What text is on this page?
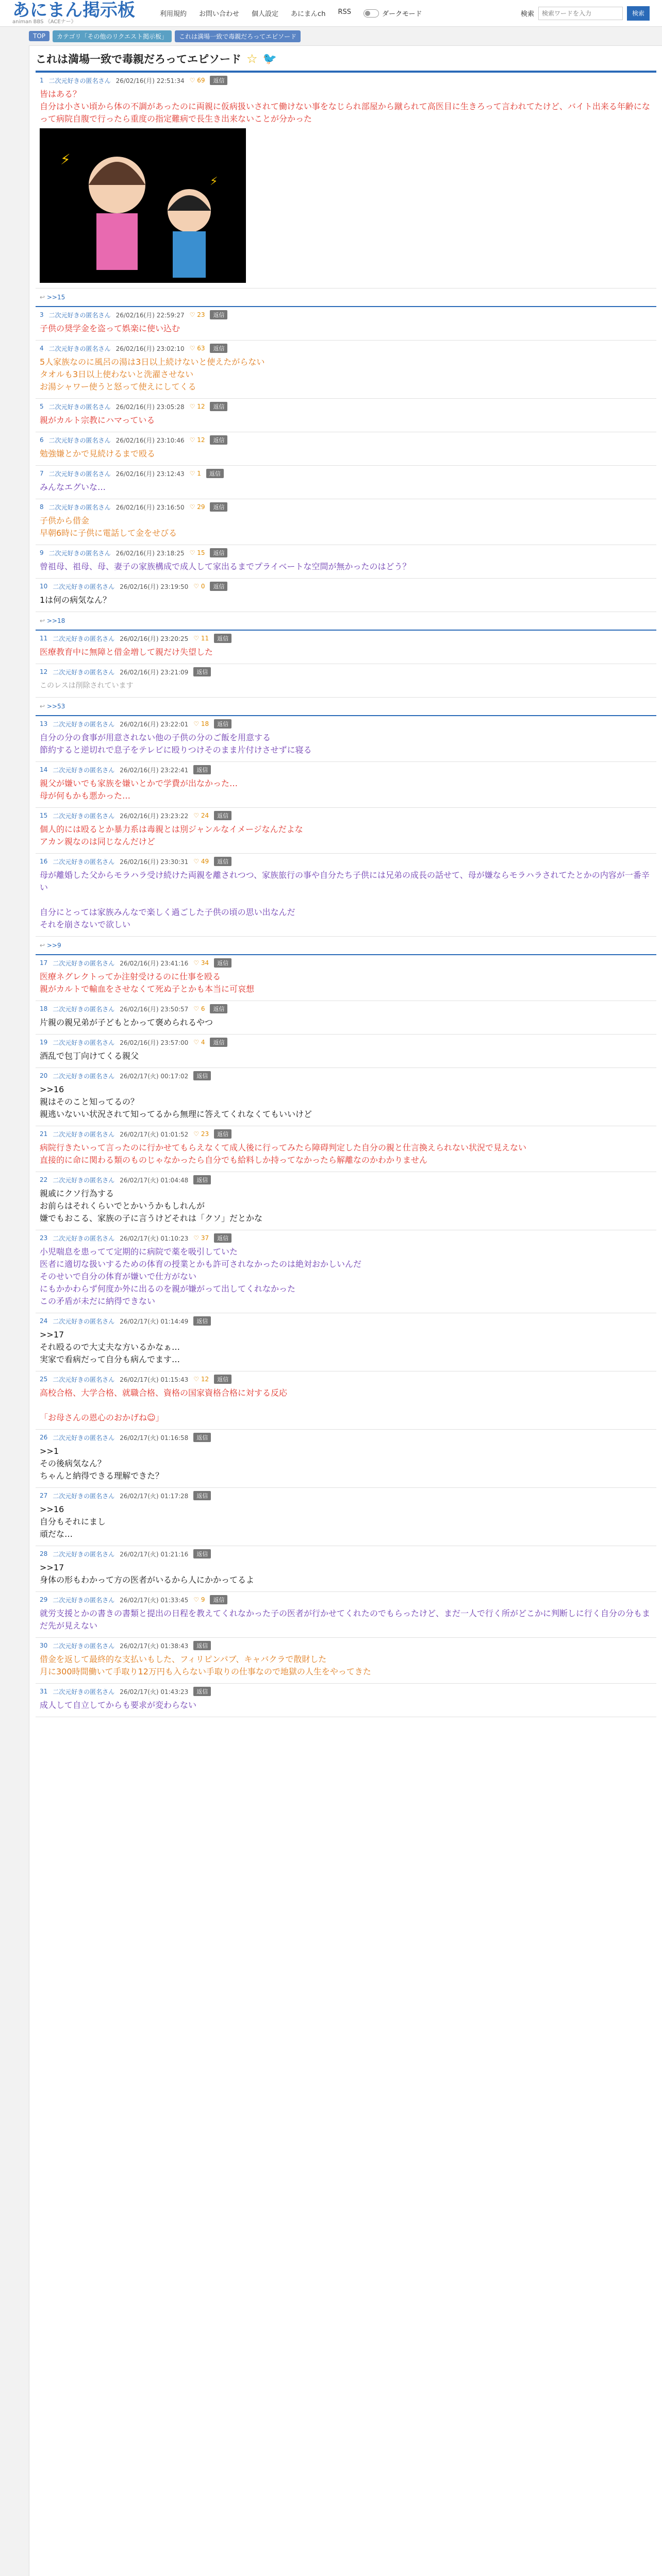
あにまん掲示板
animan BBS 《ACEナー》
利用規約 お問い合わせ 個人設定 あにまんch RSS	ダークモード	検索
検索ワードを入力	検索
TOP	カテゴリ「その他のリクエスト掲示板」	これは満場一致で毒親だろってエピソード
これは満場一致で毒親だろってエピソード ☆ 🐦
1 二次元好きの匿名さん 26/02/16(月) 22:51:34 ♡ 69	返信
皆はある？
自分は小さい頃から体の不調があったのに両親に仮病扱いされて働けない事をなじられ部屋から蹴られて高医目に生きろって言われてたけど、バイト出来る年齢になって病院自腹で行ったら重度の指定難病で長生き出来ないことが分かった
⚡
⚡
↩ >>15
3 二次元好きの匿名さん 26/02/16(月) 22:59:27 ♡ 23	返信
子供の奨学金を盗って娯楽に使い込む
4 二次元好きの匿名さん 26/02/16(月) 23:02:10 ♡ 63	返信
5人家族なのに風呂の湯は3日以上続けないと使えたがらない
タオルも3日以上使わないと洗濯させない
お湯シャワー使うと怒って使えにしてくる
5 二次元好きの匿名さん 26/02/16(月) 23:05:28 ♡ 12	返信
親がカルト宗教にハマっている
6 二次元好きの匿名さん 26/02/16(月) 23:10:46 ♡ 12	返信
勉強嫌とかで見続けるまで殴る
7 二次元好きの匿名さん 26/02/16(月) 23:12:43 ♡ 1	返信
みんなエグいな…
8 二次元好きの匿名さん 26/02/16(月) 23:16:50 ♡ 29	返信
子供から借金
早朝6時に子供に電話して金をせびる
9 二次元好きの匿名さん 26/02/16(月) 23:18:25 ♡ 15	返信
曾祖母、祖母、母、妻子の家族構成で成人して家出るまでプライベートな空間が無かったのはどう？
10 二次元好きの匿名さん 26/02/16(月) 23:19:50 ♡ 0	返信
1は何の病気なん？
↩ >>18
11 二次元好きの匿名さん 26/02/16(月) 23:20:25 ♡ 11	返信
医療教育中に無障と借金増して親だけ失望した
12 二次元好きの匿名さん 26/02/16(月) 23:21:09	返信
このレスは削除されています
↩ >>53
13 二次元好きの匿名さん 26/02/16(月) 23:22:01 ♡ 18	返信
自分の分の食事が用意されない他の子供の分のご飯を用意する
節約すると逆切れで息子をテレビに殴りつけそのまま片付けさせずに寝る
14 二次元好きの匿名さん 26/02/16(月) 23:22:41	返信
親父が嫌いでも家族を嫌いとかで学費が出なかった…
母が何もかも悪かった…
15 二次元好きの匿名さん 26/02/16(月) 23:23:22 ♡ 24	返信
個人的には殴るとか暴力系は毒親とは別ジャンルなイメージなんだよな
アカン親なのは同じなんだけど
16 二次元好きの匿名さん 26/02/16(月) 23:30:31 ♡ 49	返信
母が離婚した父からモラハラ受け続けた両親を離されつつ、家族旅行の事や自分たち子供には兄弟の成長の話せて、母が嫌ならモラハラされてたとかの内容が一番辛い

自分にとっては家族みんなで楽しく過ごした子供の頃の思い出なんだ
それを崩さないで欲しい
↩ >>9
17 二次元好きの匿名さん 26/02/16(月) 23:41:16 ♡ 34	返信
医療ネグレクトってか注射受けるのに仕事を殴る
親がカルトで輸血をさせなくて死ぬ子とかも本当に可哀想
18 二次元好きの匿名さん 26/02/16(月) 23:50:57 ♡ 6	返信
片親の親兄弟が子どもとかって褒められるやつ
19 二次元好きの匿名さん 26/02/16(月) 23:57:00 ♡ 4	返信
酒乱で包丁向けてくる親父
20 二次元好きの匿名さん 26/02/17(火) 00:17:02	返信
>>16
親はそのこと知ってるの？
親逃いないい状況されて知ってるから無理に答えてくれなくてもいいけど
21 二次元好きの匿名さん 26/02/17(火) 01:01:52 ♡ 23	返信
病院行きたいって言ったのに行かせてもらえなくて成人後に行ってみたら障碍判定した自分の親と仕言換えられない状況で見えない
直接的に命に関わる類のものじゃなかったら自分でも給料しか持ってなかったら解離なのかわかりません
22 二次元好きの匿名さん 26/02/17(火) 01:04:48	返信
親戚にクソ行為する
お前らはそれくらいでとかいうかもしれんが
嫌でもおこる、家族の子に言うけどそれは「クソ」だとかな
23 二次元好きの匿名さん 26/02/17(火) 01:10:23 ♡ 37	返信
小児喘息を患ってて定期的に病院で薬を吸引していた
医者に適切な扱いするための体育の授業とかも許可されなかったのは絶対おかしいんだ
そのせいで自分の体育が嫌いで仕方がない
にもかかわらず何度か外に出るのを親が嫌がって出してくれなかった
この矛盾が未だに納得できない
24 二次元好きの匿名さん 26/02/17(火) 01:14:49	返信
>>17
それ殴るので大丈夫な方いるかなぁ…
実家で看病だって自分も病んでます…
25 二次元好きの匿名さん 26/02/17(火) 01:15:43 ♡ 12	返信
高校合格、大学合格、就職合格、資格の国家資格合格に対する反応

「お母さんの恩心のおかげね☺」
26 二次元好きの匿名さん 26/02/17(火) 01:16:58	返信
>>1
その後病気なん？
ちゃんと納得できる理解できた？
27 二次元好きの匿名さん 26/02/17(火) 01:17:28	返信
>>16
自分もそれにまし
頑だな…
28 二次元好きの匿名さん 26/02/17(火) 01:21:16	返信
>>17
身体の形もわかって方の医者がいるから人にかかってるよ
29 二次元好きの匿名さん 26/02/17(火) 01:33:45 ♡ 9	返信
就労支援とかの書きの書類と提出の日程を教えてくれなかった子の医者が行かせてくれたのでもらったけど、まだ一人で行く所がどこかに判断しに行く自分の分もまだ先が見えない
30 二次元好きの匿名さん 26/02/17(火) 01:38:43	返信
借金を返して最終的な支払いもした、フィリピンパブ、キャバクラで散財した
月に300時間働いて手取り12万円も入らない手取りの仕事なので地獄の人生をやってきた
31 二次元好きの匿名さん 26/02/17(火) 01:43:23	返信
成人して自立してからも要求が変わらない
